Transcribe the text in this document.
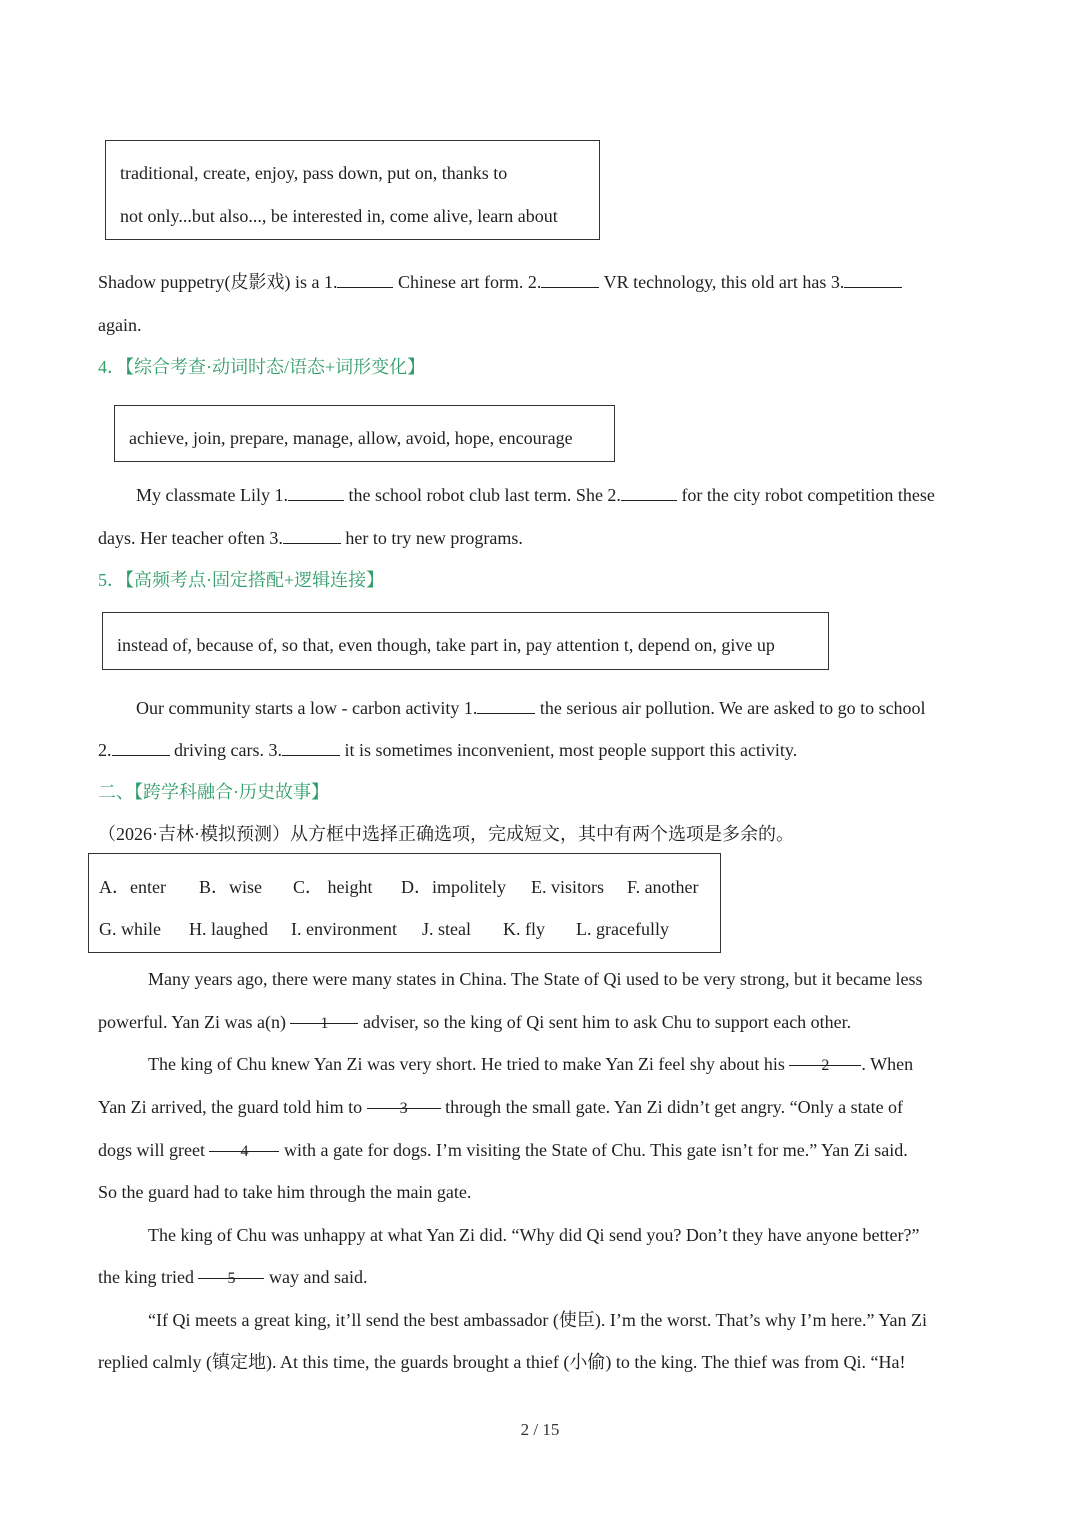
traditional, create, enjoy, pass down, put on, thanks to
not only...but also..., be interested in, come alive, learn about
Shadow puppetry(皮影戏) is a 1.	Chinese art form. 2.	VR technology, this old art has 3.
again.
4．【综合考查·动词时态/语态+词形变化】
achieve, join, prepare, manage, allow, avoid, hope, encourage
My classmate Lily 1.	the school robot club last term. She 2.	for the city robot competition these
days. Her teacher often 3.	her to try new programs.
5．【高频考点·固定搭配+逻辑连接】
instead of, because of, so that, even though, take part in, pay attention t, depend on, give up
Our community starts a low - carbon activity 1.	the serious air pollution. We are asked to go to school
2.	driving cars. 3.	it is sometimes inconvenient, most people support this activity.
二、【跨学科融合·历史故事】
（2026·吉林·模拟预测）从方框中选择正确选项，完成短文，其中有两个选项是多余的。
A．enter B．wise C． height D．impolitely E. visitors F. another
G. while H. laughed I. environment J. steal K. fly L. gracefully
Many years ago, there were many states in China. The State of Qi used to be very strong, but it became less
powerful. Yan Zi was a(n) 1 adviser, so the king of Qi sent him to ask Chu to support each other.
The king of Chu knew Yan Zi was very short. He tried to make Yan Zi feel shy about his 2 . When
Yan Zi arrived, the guard told him to 3 through the small gate. Yan Zi didn’t get angry. “Only a state of
dogs will greet 4 with a gate for dogs. I’m visiting the State of Chu. This gate isn’t for me.” Yan Zi said.
So the guard had to take him through the main gate.
The king of Chu was unhappy at what Yan Zi did. “Why did Qi send you? Don’t they have anyone better?”
the king tried 5 way and said.
“If Qi meets a great king, it’ll send the best ambassador (使臣). I’m the worst. That’s why I’m here.” Yan Zi
replied calmly (镇定地). At this time, the guards brought a thief (小偷) to the king. The thief was from Qi. “Ha!
2 / 15
